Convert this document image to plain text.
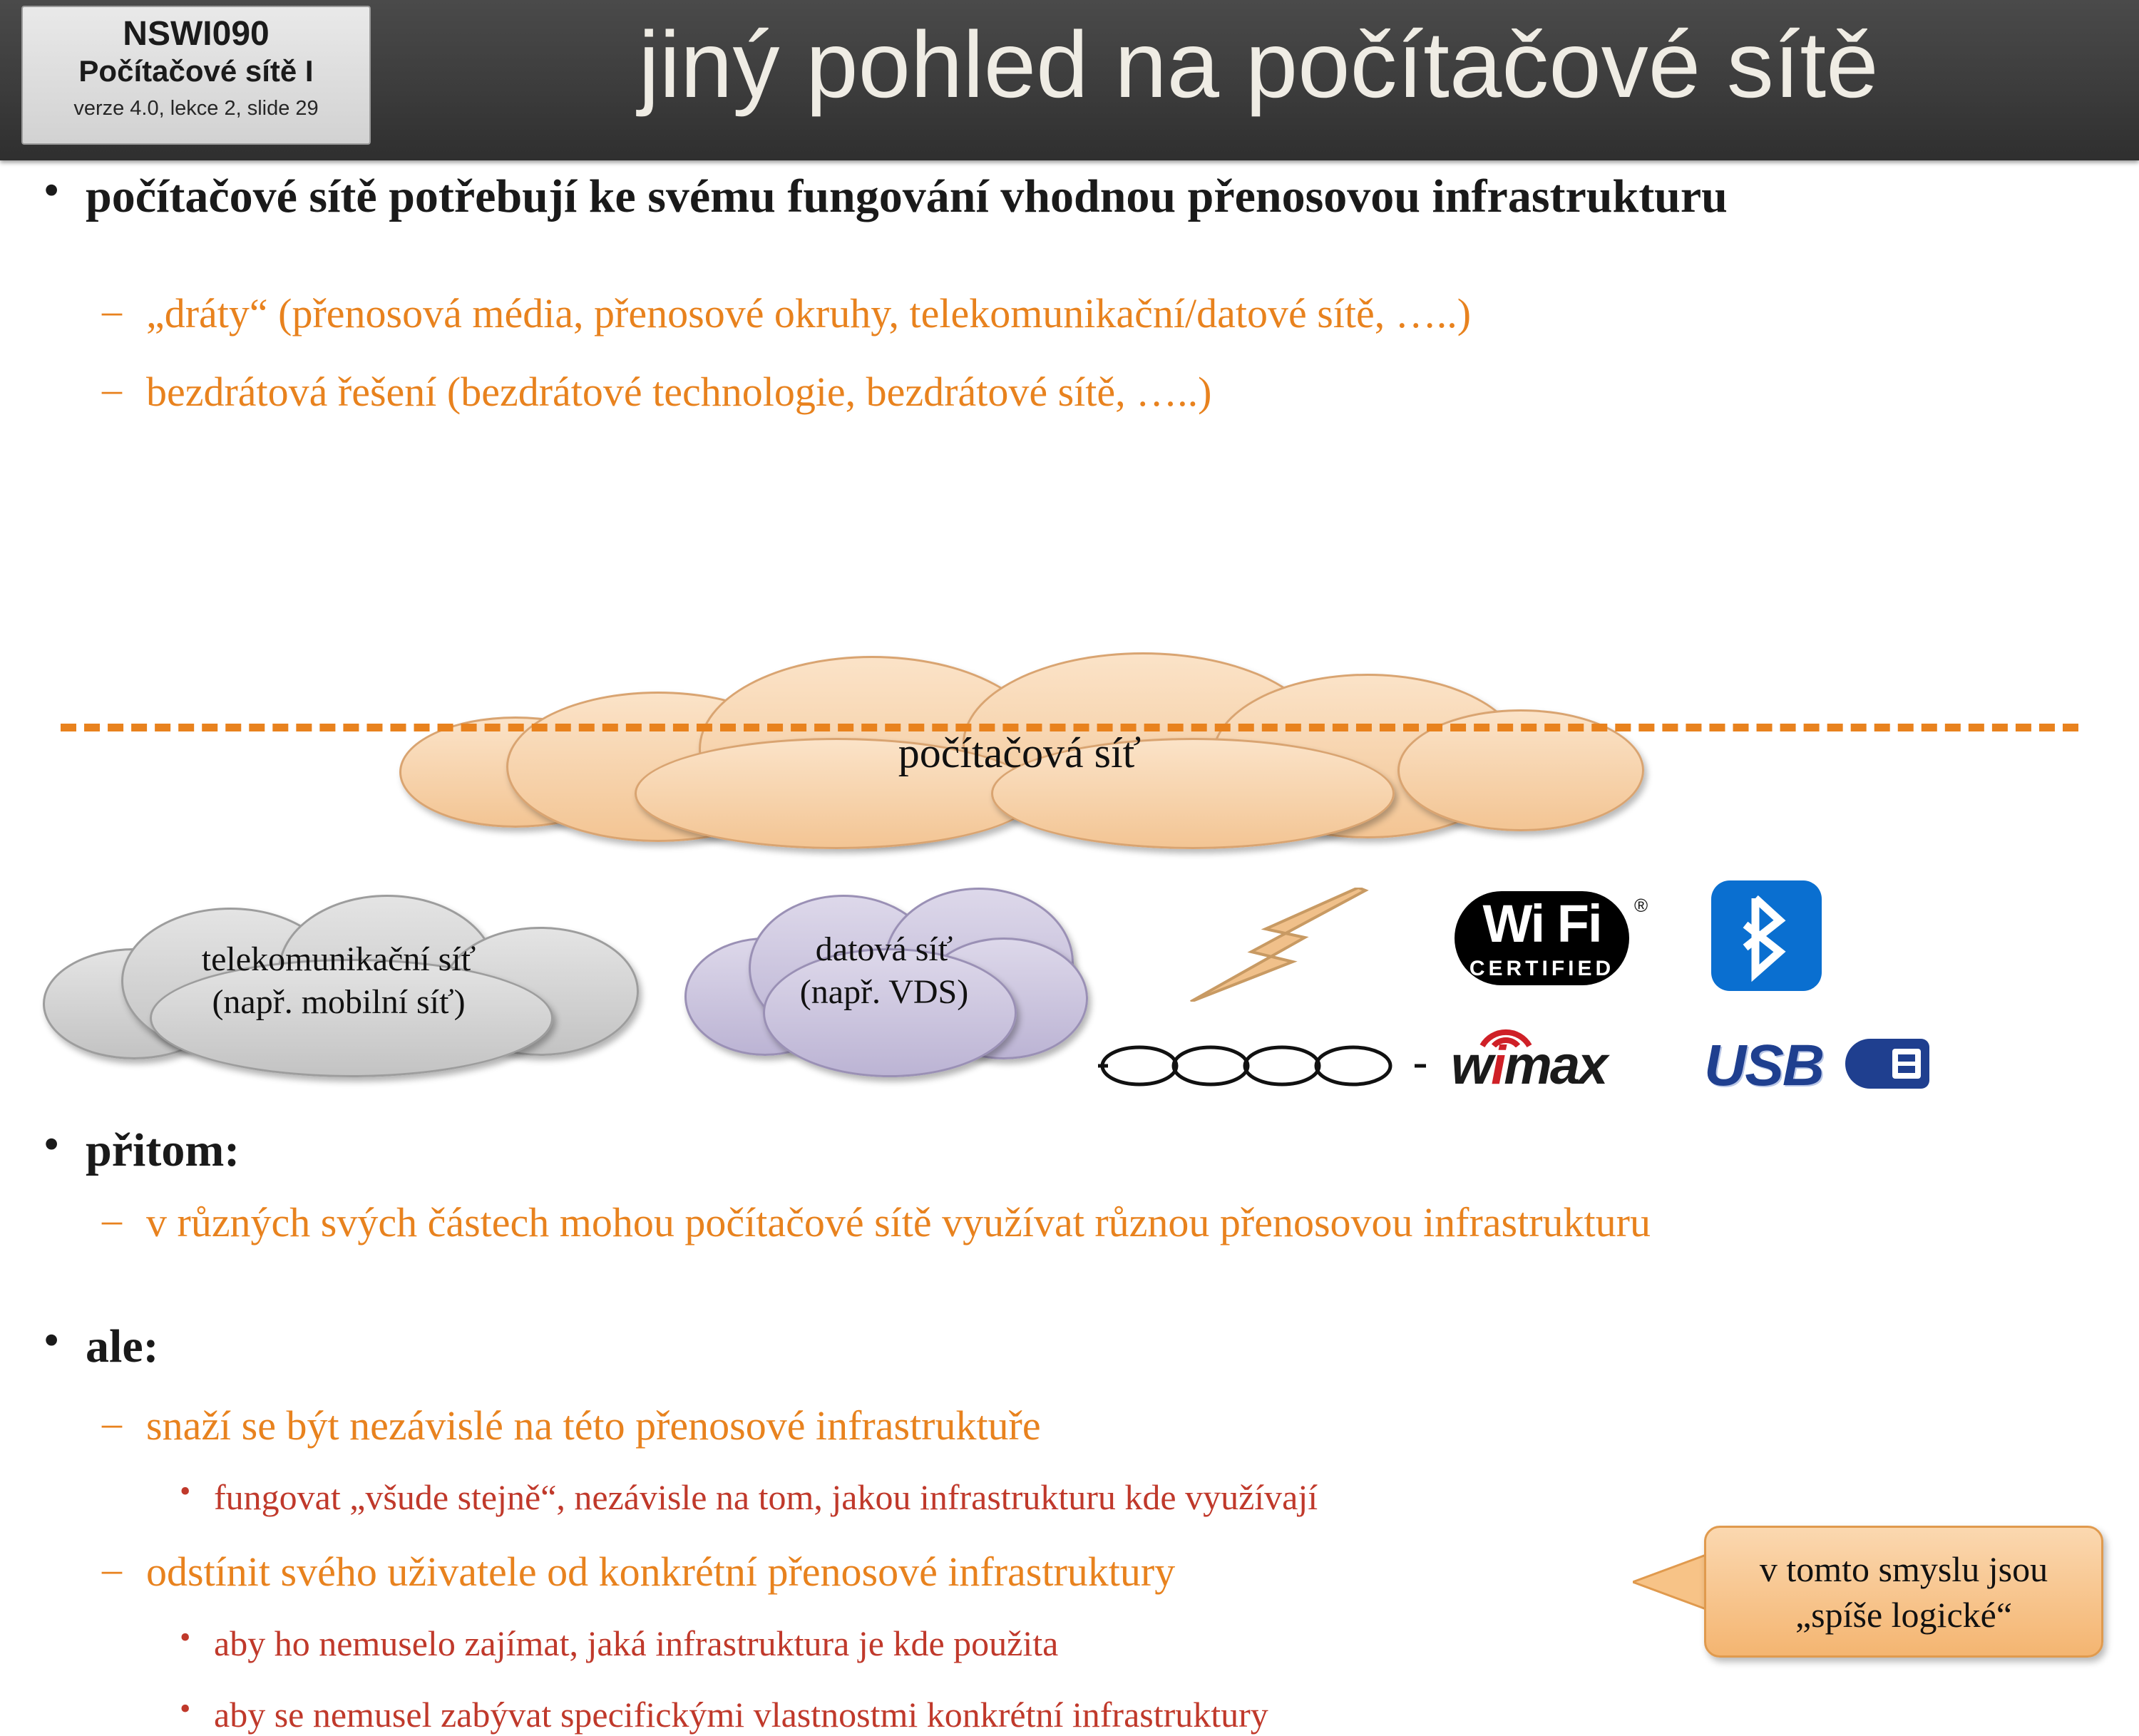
NSWI090
Počítačové sítě I
verze 4.0, lekce 2, slide 29	jiný pohled na počítačové sítě
• počítačové sítě potřebují ke svému fungování vhodnou přenosovou infrastrukturu
– „dráty“ (přenosová média, přenosové okruhy, telekomunikační/datové sítě, …..)
– bezdrátová řešení (bezdrátové technologie, bezdrátové sítě, …..)
počítačová síť
telekomunikační síť
(např. mobilní síť)
datová síť
(např. VDS)
Wi Fi
CERTIFIED
®
wimax	USB
• přitom:
– v různých svých částech mohou počítačové sítě využívat různou přenosovou infrastrukturu
• ale:
– snaží se být nezávislé na této přenosové infrastruktuře
• fungovat „všude stejně“, nezávisle na tom, jakou infrastrukturu kde využívají
– odstínit svého uživatele od konkrétní přenosové infrastruktury
• aby ho nemuselo zajímat, jaká infrastruktura je kde použita
• aby se nemusel zabývat specifickými vlastnostmi konkrétní infrastruktury
v tomto smyslu jsou
„spíše logické“
